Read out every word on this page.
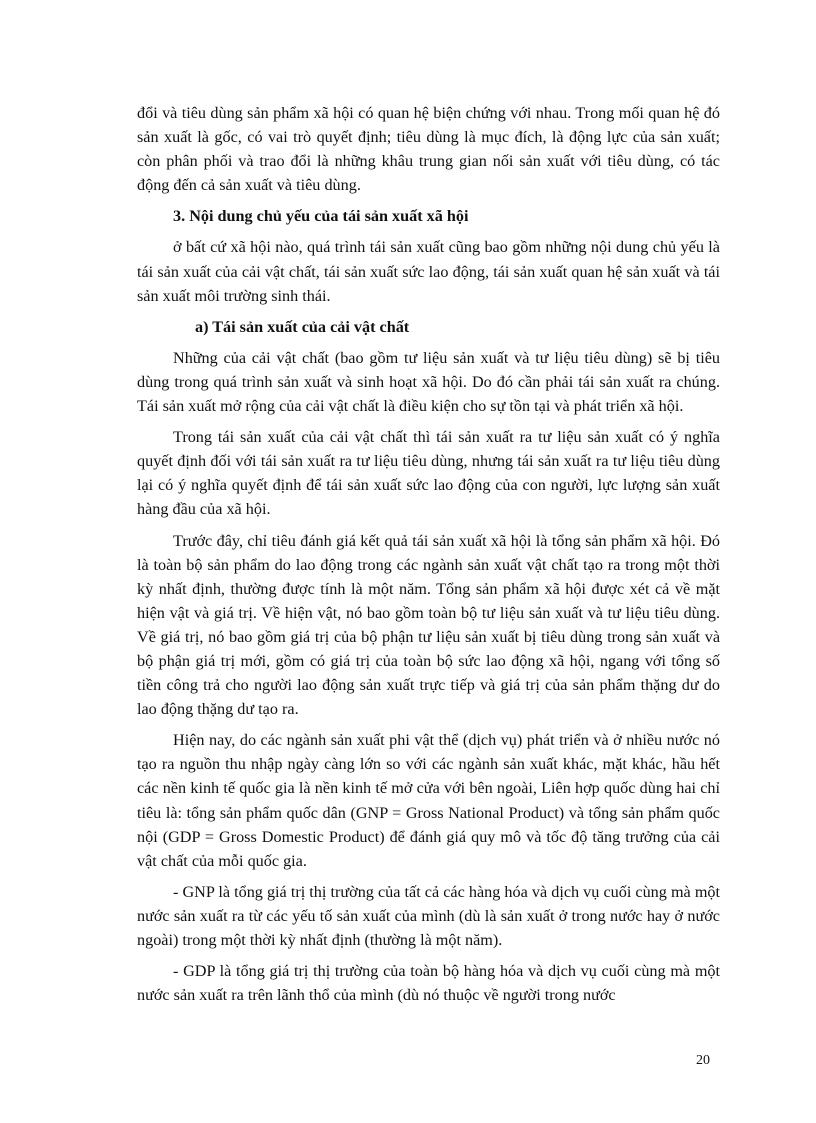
đổi và tiêu dùng sản phẩm xã hội có quan hệ biện chứng với nhau. Trong mối quan hệ đó sản xuất là gốc, có vai trò quyết định; tiêu dùng là mục đích, là động lực của sản xuất; còn phân phối và trao đổi là những khâu trung gian nối sản xuất với tiêu dùng, có tác động đến cả sản xuất và tiêu dùng.

3. Nội dung chủ yếu của tái sản xuất xã hội

ở bất cứ xã hội nào, quá trình tái sản xuất cũng bao gồm những nội dung chủ yếu là tái sản xuất của cải vật chất, tái sản xuất sức lao động, tái sản xuất quan hệ sản xuất và tái sản xuất môi trường sinh thái.

a) Tái sản xuất của cải vật chất

Những của cải vật chất (bao gồm tư liệu sản xuất và tư liệu tiêu dùng) sẽ bị tiêu dùng trong quá trình sản xuất và sinh hoạt xã hội. Do đó cần phải tái sản xuất ra chúng. Tái sản xuất mở rộng của cải vật chất là điều kiện cho sự tồn tại và phát triển xã hội.

Trong tái sản xuất của cải vật chất thì tái sản xuất ra tư liệu sản xuất có ý nghĩa quyết định đối với tái sản xuất ra tư liệu tiêu dùng, nhưng tái sản xuất ra tư liệu tiêu dùng lại có ý nghĩa quyết định để tái sản xuất sức lao động của con người, lực lượng sản xuất hàng đầu của xã hội.

Trước đây, chỉ tiêu đánh giá kết quả tái sản xuất xã hội là tổng sản phẩm xã hội. Đó là toàn bộ sản phẩm do lao động trong các ngành sản xuất vật chất tạo ra trong một thời kỳ nhất định, thường được tính là một năm. Tổng sản phẩm xã hội được xét cả về mặt hiện vật và giá trị. Về hiện vật, nó bao gồm toàn bộ tư liệu sản xuất và tư liệu tiêu dùng. Về giá trị, nó bao gồm giá trị của bộ phận tư liệu sản xuất bị tiêu dùng trong sản xuất và bộ phận giá trị mới, gồm có giá trị của toàn bộ sức lao động xã hội, ngang với tổng số tiền công trả cho người lao động sản xuất trực tiếp và giá trị của sản phẩm thặng dư do lao động thặng dư tạo ra.

Hiện nay, do các ngành sản xuất phi vật thể (dịch vụ) phát triển và ở nhiều nước nó tạo ra nguồn thu nhập ngày càng lớn so với các ngành sản xuất khác, mặt khác, hầu hết các nền kinh tế quốc gia là nền kinh tế mở cửa với bên ngoài, Liên hợp quốc dùng hai chỉ tiêu là: tổng sản phẩm quốc dân (GNP = Gross National Product) và tổng sản phẩm quốc nội (GDP = Gross Domestic Product) để đánh giá quy mô và tốc độ tăng trưởng của cải vật chất của mỗi quốc gia.

- GNP là tổng giá trị thị trường của tất cả các hàng hóa và dịch vụ cuối cùng mà một nước sản xuất ra từ các yếu tố sản xuất của mình (dù là sản xuất ở trong nước hay ở nước ngoài) trong một thời kỳ nhất định (thường là một năm).

- GDP là tổng giá trị thị trường của toàn bộ hàng hóa và dịch vụ cuối cùng mà một nước sản xuất ra trên lãnh thổ của mình (dù nó thuộc về người trong nước

20
